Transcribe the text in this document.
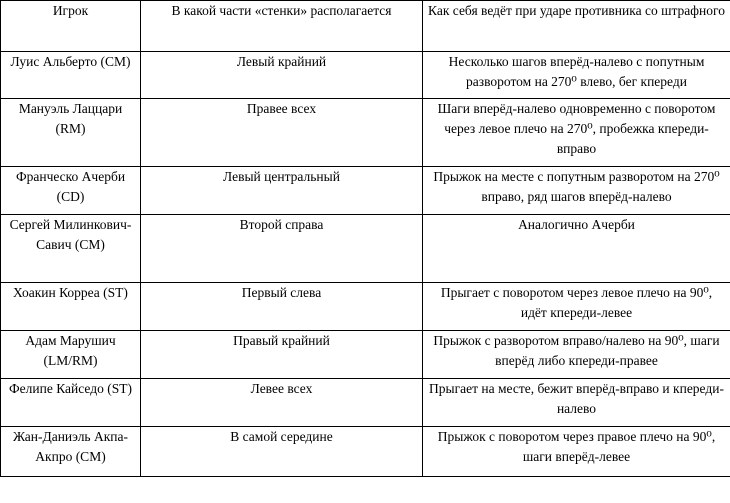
Игрок	В какой части «стенки» располагается	Как себя ведёт при ударе противника со штрафного
Луис Альберто (СМ)	Левый крайний	Несколько шагов вперёд-налево с попутным разворотом на 270⁰ влево, бег кпереди
Мануэль Лаццари (RM)	Правее всех	Шаги вперёд-налево одновременно с поворотом через левое плечо на 270⁰, пробежка кпереди-вправо
Франческо Ачерби (CD)	Левый центральный	Прыжок на месте с попутным разворотом на 270⁰ вправо, ряд шагов вперёд-налево
Сергей Милинкович-Савич (СМ)	Второй справа	Аналогично Ачерби
Хоакин Корреа (ST)	Первый слева	Прыгает с поворотом через левое плечо на 90⁰, идёт кпереди-левее
Адам Марушич (LM/RM)	Правый крайний	Прыжок с разворотом вправо/налево на 90⁰, шаги вперёд либо кпереди-правее
Фелипе Кайседо (ST)	Левее всех	Прыгает на месте, бежит вперёд-вправо и кпереди-налево
Жан-Даниэль Акпа-Акпро (СМ)	В самой середине	Прыжок с поворотом через правое плечо на 90⁰, шаги вперёд-левее
